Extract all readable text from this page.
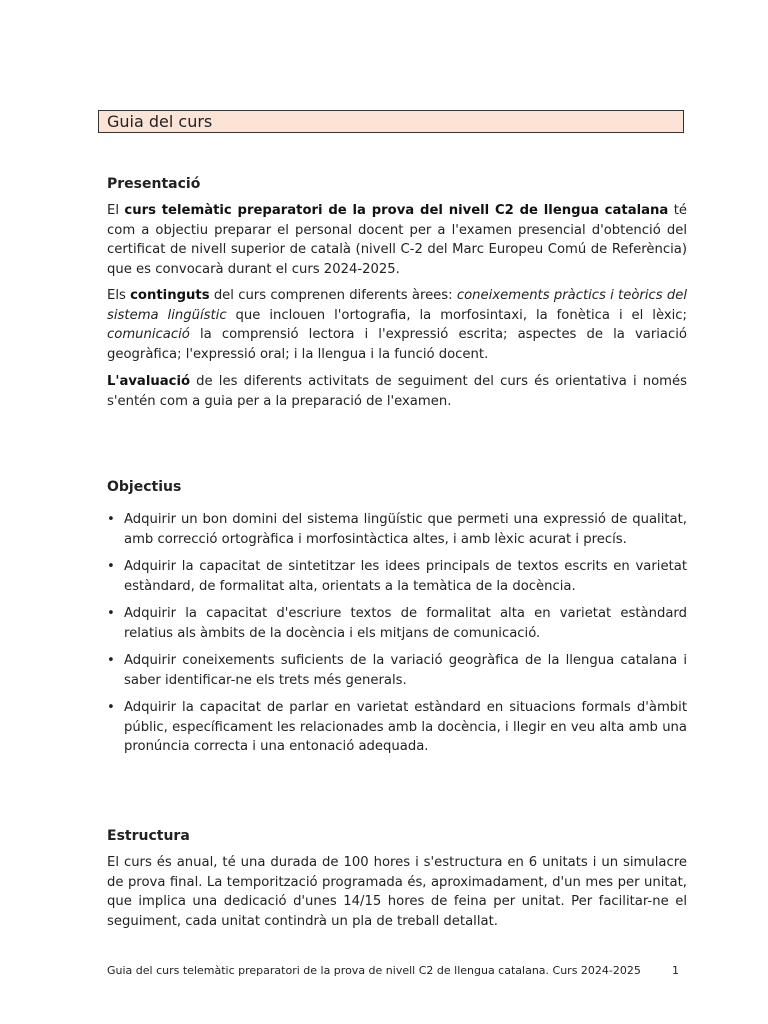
Guia del curs
Presentació

El curs telemàtic preparatori de la prova del nivell C2 de llengua catalana té com a objectiu preparar el personal docent per a l'examen presencial d'obtenció del certificat de nivell superior de català (nivell C-2 del Marc Europeu Comú de Referència) que es convocarà durant el curs 2024-2025.

Els continguts del curs comprenen diferents àrees: coneixements pràctics i teòrics del sistema lingüístic que inclouen l'ortografia, la morfosintaxi, la fonètica i el lèxic; comunicació la comprensió lectora i l'expressió escrita; aspectes de la variació geogràfica; l'expressió oral; i la llengua i la funció docent.

L'avaluació de les diferents activitats de seguiment del curs és orientativa i només s'entén com a guia per a la preparació de l'examen.

Objectius
• Adquirir un bon domini del sistema lingüístic que permeti una expressió de qualitat, amb correcció ortogràfica i morfosintàctica altes, i amb lèxic acurat i precís.
• Adquirir la capacitat de sintetitzar les idees principals de textos escrits en varietat estàndard, de formalitat alta, orientats a la temàtica de la docència.
• Adquirir la capacitat d'escriure textos de formalitat alta en varietat estàndard relatius als àmbits de la docència i els mitjans de comunicació.
• Adquirir coneixements suficients de la variació geogràfica de la llengua catalana i saber identificar-ne els trets més generals.
• Adquirir la capacitat de parlar en varietat estàndard en situacions formals d'àmbit públic, específicament les relacionades amb la docència, i llegir en veu alta amb una pronúncia correcta i una entonació adequada.
Estructura

El curs és anual, té una durada de 100 hores i s'estructura en 6 unitats i un simulacre de prova final. La temporització programada és, aproximadament, d'un mes per unitat, que implica una dedicació d'unes 14/15 hores de feina per unitat. Per facilitar-ne el seguiment, cada unitat contindrà un pla de treball detallat.

Guia del curs telemàtic preparatori de la prova de nivell C2 de llengua catalana. Curs 2024-2025	1
